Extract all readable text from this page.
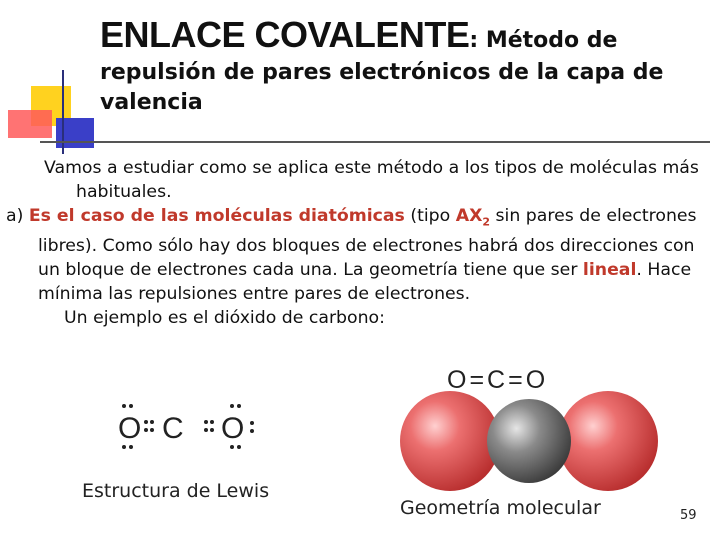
ENLACE COVALENTE: Método de
repulsión de pares electrónicos de la capa de valencia

Vamos a estudiar como se aplica este método a los tipos de moléculas más habituales.

a) Es el caso de las moléculas diatómicas (tipo $AX_2$ sin pares de electrones libres). Como sólo hay dos bloques de electrones habrá dos direcciones con un bloque de electrones cada una. La geometría tiene que ser lineal. Hace mínima las repulsiones entre pares de electrones.

Un ejemplo es el dióxido de carbono:

O C O
Estructura de Lewis
O=C=O
Geometría molecular	59
